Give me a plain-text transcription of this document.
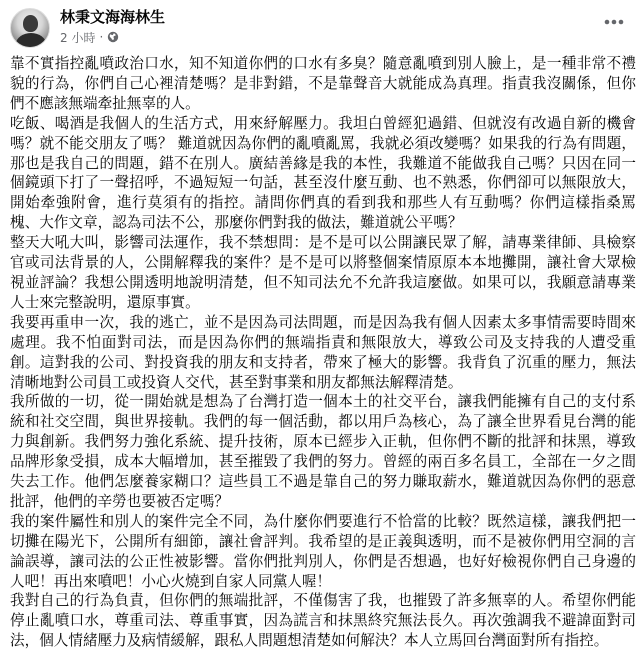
林秉文海海林生
2 小時 ·

靠不實指控亂噴政治口水，知不知道你們的口水有多臭？隨意亂噴到別人臉上，是一種非常不禮貌的行為，你們自己心裡清楚嗎？是非對錯，不是靠聲音大就能成為真理。指責我沒關係，但你們不應該無端牽扯無辜的人。

吃飯、喝酒是我個人的生活方式，用來紓解壓力。我坦白曾經犯過錯、但就沒有改過自新的機會嗎？就不能交朋友了嗎？ 難道就因為你們的亂噴亂罵，我就必須改變嗎？如果我的行為有問題，那也是我自己的問題，錯不在別人。廣結善緣是我的本性，我難道不能做我自己嗎？只因在同一個鏡頭下打了一聲招呼，不過短短一句話，甚至沒什麼互動、也不熟悉，你們卻可以無限放大，開始牽強附會，進行莫須有的指控。請問你們真的看到我和那些人有互動嗎？你們這樣指桑罵槐、大作文章，認為司法不公，那麼你們對我的做法，難道就公平嗎？

整天大吼大叫，影響司法運作，我不禁想問：是不是可以公開讓民眾了解，請專業律師、具檢察官或司法背景的人，公開解釋我的案件？是不是可以將整個案情原原本本地攤開，讓社會大眾檢視並評論？我想公開透明地說明清楚，但不知司法允不允許我這麼做。如果可以，我願意請專業人士來完整說明，還原事實。

我要再重申一次，我的逃亡，並不是因為司法問題，而是因為我有個人因素太多事情需要時間來處理。我不怕面對司法，而是因為你們的無端指責和無限放大，導致公司及支持我的人遭受重創。這對我的公司、對投資我的朋友和支持者，帶來了極大的影響。我背負了沉重的壓力，無法清晰地對公司員工或投資人交代，甚至對事業和朋友都無法解釋清楚。

我所做的一切，從一開始就是想為了台灣打造一個本土的社交平台，讓我們能擁有自己的支付系統和社交空間，與世界接軌。我們的每一個活動，都以用戶為核心，為了讓全世界看見台灣的能力與創新。我們努力強化系統、提升技術，原本已經步入正軌，但你們不斷的批評和抹黑，導致品牌形象受損，成本大幅增加，甚至摧毀了我們的努力。曾經的兩百多名員工，全部在一夕之間失去工作。他們怎麼養家糊口？這些員工不過是靠自己的努力賺取薪水，難道就因為你們的惡意批評，他們的辛勞也要被否定嗎？

我的案件屬性和別人的案件完全不同，為什麼你們要進行不恰當的比較？既然這樣，讓我們把一切攤在陽光下，公開所有細節，讓社會評判。我希望的是正義與透明，而不是被你們用空洞的言論誤導，讓司法的公正性被影響。當你們批判別人，你們是否想過，也好好檢視你們自己身邊的人吧！再出來噴吧！小心火燒到自家人同黨人喔！

我對自己的行為負責，但你們的無端批評，不僅傷害了我，也摧毀了許多無辜的人。希望你們能停止亂噴口水，尊重司法、尊重事實，因為謊言和抹黑終究無法長久。再次強調我不避諱面對司法，個人情緒壓力及病情緩解，跟私人問題想清楚如何解決？本人立馬回台灣面對所有指控。
